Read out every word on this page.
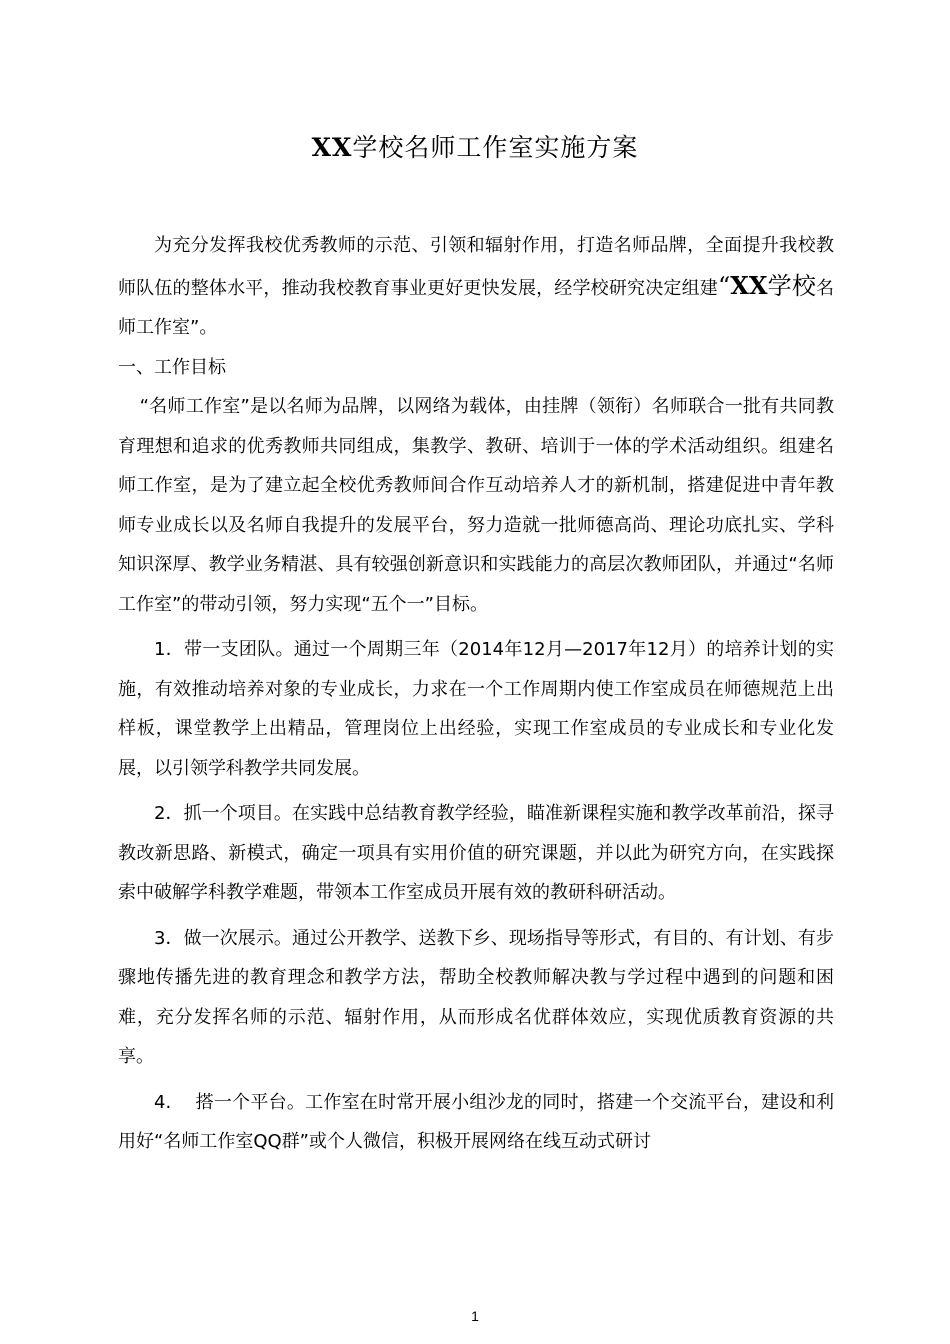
XX学校名师工作室实施方案

为充分发挥我校优秀教师的示范、引领和辐射作用，打造名师品牌，全面提升我校教师队伍的整体水平，推动我校教育事业更好更快发展，经学校研究决定组建“XX学校名师工作室”。

一、工作目标

“名师工作室”是以名师为品牌，以网络为载体，由挂牌（领衔）名师联合一批有共同教育理想和追求的优秀教师共同组成，集教学、教研、培训于一体的学术活动组织。组建名师工作室，是为了建立起全校优秀教师间合作互动培养人才的新机制，搭建促进中青年教师专业成长以及名师自我提升的发展平台，努力造就一批师德高尚、理论功底扎实、学科知识深厚、教学业务精湛、具有较强创新意识和实践能力的高层次教师团队，并通过“名师工作室”的带动引领，努力实现“五个一”目标。

1．带一支团队。通过一个周期三年（2014年12月—2017年12月）的培养计划的实施，有效推动培养对象的专业成长，力求在一个工作周期内使工作室成员在师德规范上出样板，课堂教学上出精品，管理岗位上出经验，实现工作室成员的专业成长和专业化发展，以引领学科教学共同发展。

2．抓一个项目。在实践中总结教育教学经验，瞄准新课程实施和教学改革前沿，探寻教改新思路、新模式，确定一项具有实用价值的研究课题，并以此为研究方向，在实践探索中破解学科教学难题，带领本工作室成员开展有效的教研科研活动。

3．做一次展示。通过公开教学、送教下乡、现场指导等形式，有目的、有计划、有步骤地传播先进的教育理念和教学方法，帮助全校教师解决教与学过程中遇到的问题和困难，充分发挥名师的示范、辐射作用，从而形成名优群体效应，实现优质教育资源的共享。

4.　 搭一个平台。工作室在时常开展小组沙龙的同时，搭建一个交流平台，建设和利用好“名师工作室QQ群”或个人微信，积极开展网络在线互动式研讨

1
